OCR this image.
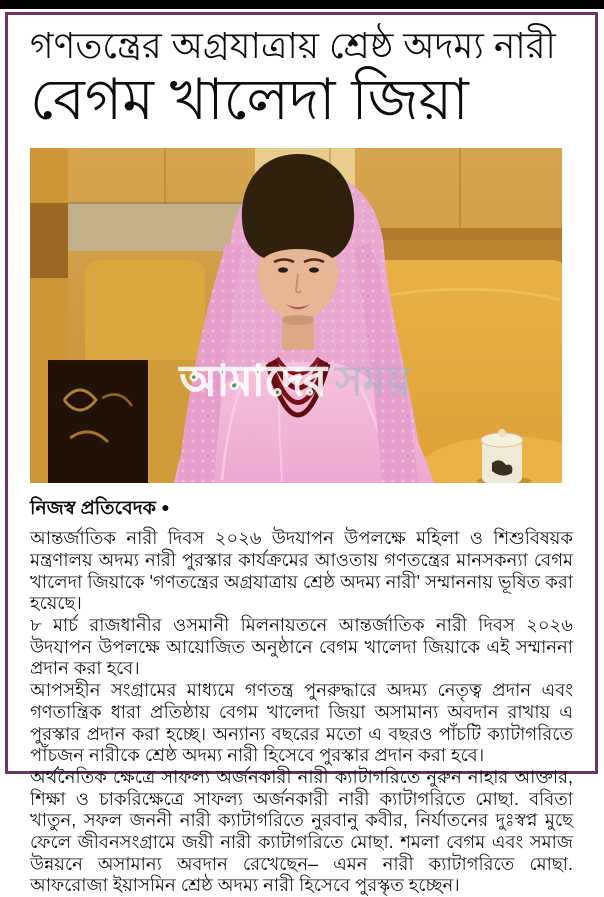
গণতন্ত্রের অগ্রযাত্রায় শ্রেষ্ঠ অদম্য নারী
বেগম খালেদা জিয়া
আমাদের সময়
নিজস্ব প্রতিবেদক ●

আন্তর্জাতিক নারী দিবস ২০২৬ উদযাপন উপলক্ষে মহিলা ও শিশুবিষয়ক মন্ত্রণালয় অদম্য নারী পুরস্কার কার্যক্রমের আওতায় গণতন্ত্রের মানসকন্যা বেগম খালেদা জিয়াকে 'গণতন্ত্রের অগ্রযাত্রায় শ্রেষ্ঠ অদম্য নারী' সম্মাননায় ভূষিত করা হয়েছে।

৮ মার্চ রাজধানীর ওসমানী মিলনায়তনে আন্তর্জাতিক নারী দিবস ২০২৬ উদযাপন উপলক্ষে আয়োজিত অনুষ্ঠানে বেগম খালেদা জিয়াকে এই সম্মাননা প্রদান করা হবে।

আপসহীন সংগ্রামের মাধ্যমে গণতন্ত্র পুনরুদ্ধারে অদম্য নেতৃত্ব প্রদান এবং গণতান্ত্রিক ধারা প্রতিষ্ঠায় বেগম খালেদা জিয়া অসামান্য অবদান রাখায় এ পুরস্কার প্রদান করা হচ্ছে। অন্যান্য বছরের মতো এ বছরও পাঁচটি ক্যাটাগরিতে পাঁচজন নারীকে শ্রেষ্ঠ অদম্য নারী হিসেবে পুরস্কার প্রদান করা হবে।

অর্থনৈতিক ক্ষেত্রে সাফল্য অর্জনকারী নারী ক্যাটাগরিতে নুরুন নাহার আক্তার, শিক্ষা ও চাকরিক্ষেত্রে সাফল্য অর্জনকারী নারী ক্যাটাগরিতে মোছা. ববিতা খাতুন, সফল জননী নারী ক্যাটাগরিতে নুরবানু কবীর, নির্যাতনের দুঃস্বপ্ন মুছে ফেলে জীবনসংগ্রামে জয়ী নারী ক্যাটাগরিতে মোছা. শমলা বেগম এবং সমাজ উন্নয়নে অসামান্য অবদান রেখেছেন– এমন নারী ক্যাটাগরিতে মোছা. আফরোজা ইয়াসমিন শ্রেষ্ঠ অদম্য নারী হিসেবে পুরস্কৃত হচ্ছেন।
